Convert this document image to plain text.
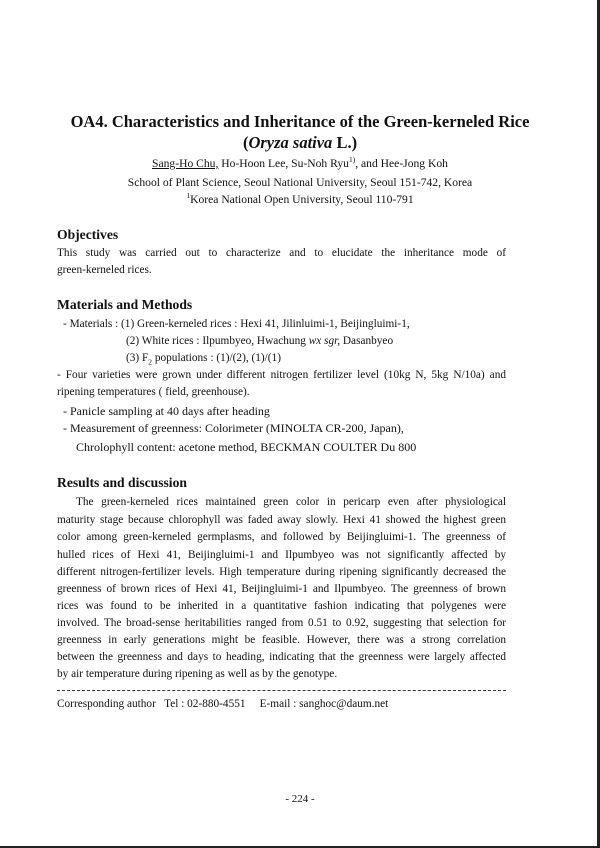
OA4. Characteristics and Inheritance of the Green-kerneled Rice
(Oryza sativa L.)
Sang-Ho Chu, Ho-Hoon Lee, Su-Noh Ryu$^{1)}$, and Hee-Jong Koh
School of Plant Science, Seoul National University, Seoul 151-742, Korea
$^1$Korea National Open University, Seoul 110-791
Objectives
This study was carried out to characterize and to elucidate the inheritance mode of
green-kerneled rices.
Materials and Methods
- Materials : (1) Green-kerneled rices : Hexi 41, Jilinluimi-1, Beijingluimi-1,
(2) White rices : Ilpumbyeo, Hwachung wx sgr, Dasanbyeo
(3) $F_2$ populations : (1)/(2), (1)/(1)
- Four varieties were grown under different nitrogen fertilizer level (10kg N, 5kg N/10a) and
ripening temperatures ( field, greenhouse).
- Panicle sampling at 40 days after heading
- Measurement of greenness: Colorimeter (MINOLTA CR-200, Japan),
Chrolophyll content: acetone method, BECKMAN COULTER Du 800
Results and discussion
The green-kerneled rices maintained green color in pericarp even after physiological
maturity stage because chlorophyll was faded away slowly. Hexi 41 showed the highest green
color among green-kerneled germplasms, and followed by Beijingluimi-1. The greenness of
hulled rices of Hexi 41, Beijingluimi-1 and Ilpumbyeo was not significantly affected by
different nitrogen-fertilizer levels. High temperature during ripening significantly decreased the
greenness of brown rices of Hexi 41, Beijingluimi-1 and Ilpumbyeo. The greenness of brown
rices was found to be inherited in a quantitative fashion indicating that polygenes were
involved. The broad-sense heritabilities ranged from 0.51 to 0.92, suggesting that selection for
greenness in early generations might be feasible. However, there was a strong correlation
between the greenness and days to heading, indicating that the greenness were largely affected
by air temperature during ripening as well as by the genotype.
Corresponding author   Tel : 02-880-4551     E-mail : sanghoc@daum.net
- 224 -
